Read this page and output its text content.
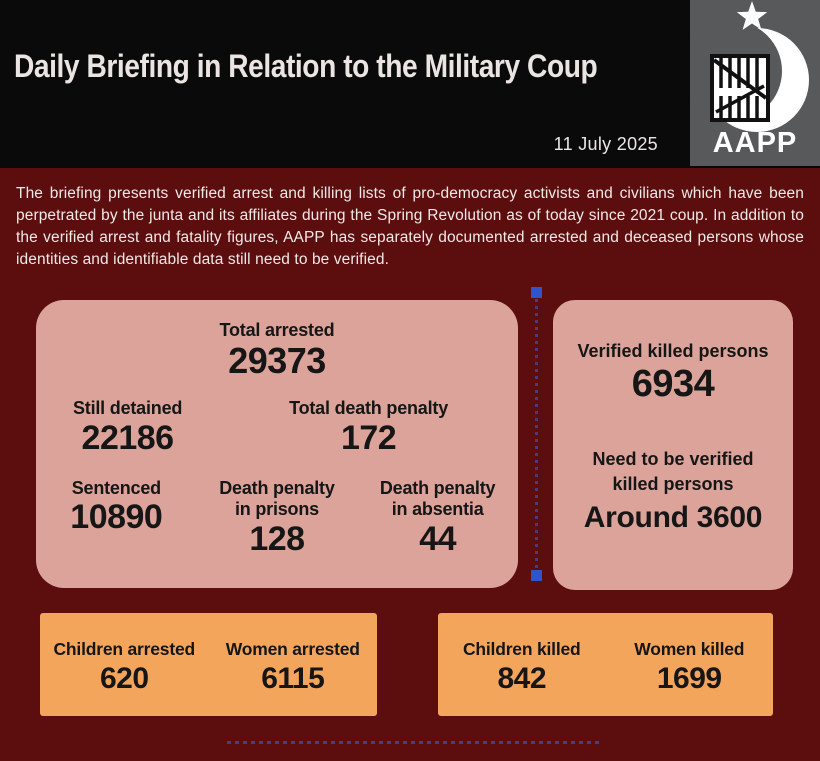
Daily Briefing in Relation to the Military Coup
11 July 2025	AAPP

The briefing presents verified arrest and killing lists of pro-democracy activists and civilians which have been perpetrated by the junta and its affiliates during the Spring Revolution as of today since 2021 coup. In addition to the verified arrest and fatality figures, AAPP has separately documented arrested and deceased persons whose identities and identifiable data still need to be verified.

Total arrested
29373
Still detained
22186
Total death penalty
172
Sentenced
10890
Death penalty
in prisons
128
Death penalty
in absentia
44
Verified killed persons
6934
Need to be verified
killed persons
Around 3600
Children arrested
620
Women arrested
6115
Children killed
842
Women killed
1699
